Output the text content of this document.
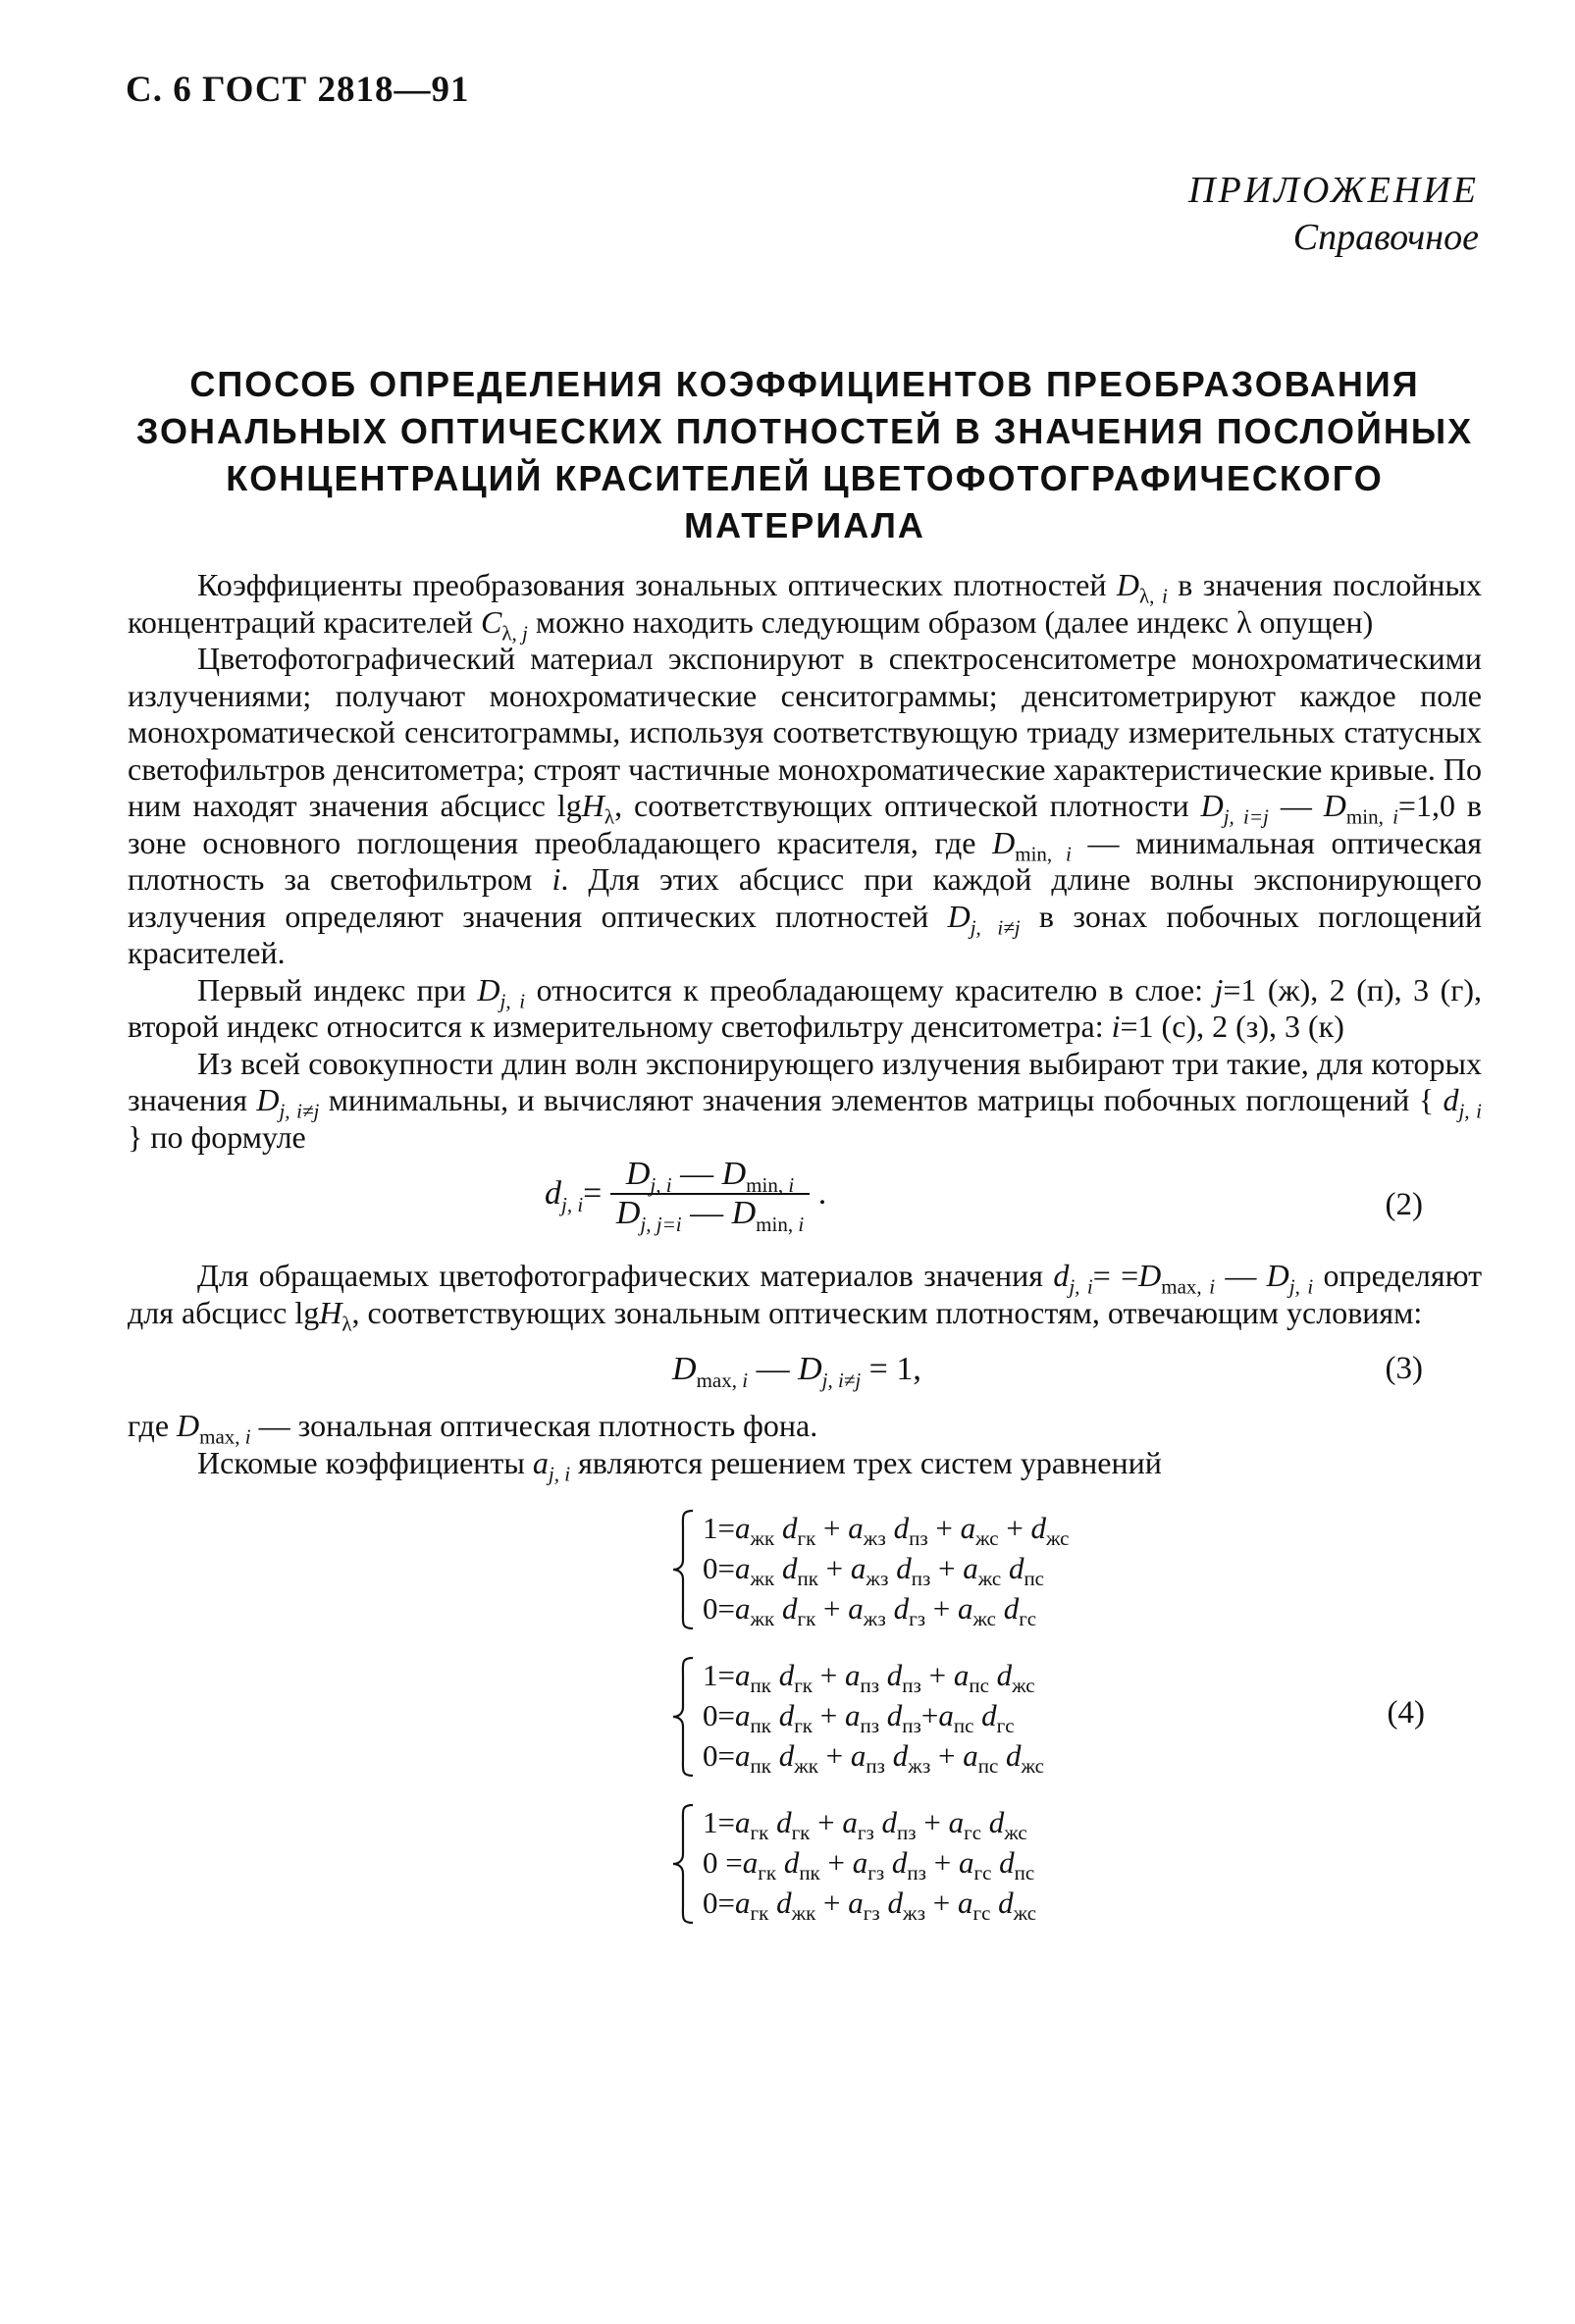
С. 6 ГОСТ 2818—91
ПРИЛОЖЕНИЕ
Справочное
СПОСОБ ОПРЕДЕЛЕНИЯ КОЭФФИЦИЕНТОВ ПРЕОБРАЗОВАНИЯ
ЗОНАЛЬНЫХ ОПТИЧЕСКИХ ПЛОТНОСТЕЙ В ЗНАЧЕНИЯ ПОСЛОЙНЫХ
КОНЦЕНТРАЦИЙ КРАСИТЕЛЕЙ ЦВЕТОФОТОГРАФИЧЕСКОГО
МАТЕРИАЛА

Коэффициенты преобразования зональных оптических плотностей $D_{\lambda, i}$ в значения послойных концентраций красителей $C_{\lambda, j}$ можно находить следующим образом (далее индекс λ опущен)

Цветофотографический материал экспонируют в спектросенситометре монохроматическими излучениями; получают монохроматические сенситограммы; денситометрируют каждое поле монохроматической сенситограммы, используя соответствующую триаду измерительных статусных светофильтров денситометра; строят частичные монохроматические характеристические кривые. По ним находят значения абсцисс lgH$_\lambda$, соответствующих оптической плотности $D_{j, i=j}$ — $D_{min, i}=1,0$ в зоне основного поглощения преобладающего красителя, где $D_{min, i}$ — минимальная оптическая плотность за светофильтром i. Для этих абсцисс при каждой длине волны экспонирующего излучения определяют значения оптических плотностей $D_{j, i\ne j}$ в зонах побочных поглощений красителей.

Первый индекс при $D_{j, i}$ относится к преобладающему красителю в слое: j=1 (ж), 2 (п), 3 (г), второй индекс относится к измерительному светофильтру денситометра: i=1 (с), 2 (з), 3 (к)

Из всей совокупности длин волн экспонирующего излучения выбирают три такие, для которых значения $D_{j, i\ne j}$ минимальны, и вычисляют значения элементов матрицы побочных поглощений { $d_{j, i}$ } по формуле

$d_{j, i}= \frac{D_{j, i} — D_{min, i}}{D_{j, j=i} — D_{min, i}}$ .	(2)

Для обращаемых цветофотографических материалов значения $d_{j, i}= =D_{max, i}$ — $D_{j, i}$ определяют для абсцисс lgH$_\lambda$, соответствующих зональным оптическим плотностям, отвечающим условиям:

$D_{max, i}$ — $D_{j, i\ne j} = 1$,	(3)

где $D_{max, i}$ — зональная оптическая плотность фона.

Искомые коэффициенты $a_{j, i}$ являются решением трех систем уравнений

$1=a_{жк}$ $d_{гк} + a_{жз}$ $d_{пз} + a_{жс} + d_{жс}$
$0=a_{жк}$ $d_{пк} + a_{жз}$ $d_{пз} + a_{жс}$ $d_{пс}$
$0=a_{жк}$ $d_{гк} + a_{жз}$ $d_{гз} + a_{жс}$ $d_{гс}$
$1=a_{пк}$ $d_{гк} + a_{пз}$ $d_{пз} + a_{пс}$ $d_{жс}$
$0=a_{пк}$ $d_{гк} + a_{пз}$ $d_{пз}+a_{пс}$ $d_{гс}$
$0=a_{пк}$ $d_{жк} + a_{пз}$ $d_{жз} + a_{пс}$ $d_{жс}$
(4)
$1=a_{гк}$ $d_{гк} + a_{гз}$ $d_{пз} + a_{гс}$ $d_{жс}$
$0 =a_{гк}$ $d_{пк} + a_{гз}$ $d_{пз} + a_{гс}$ $d_{пс}$
$0=a_{гк}$ $d_{жк} + a_{гз}$ $d_{жз} + a_{гс}$ $d_{жс}$
